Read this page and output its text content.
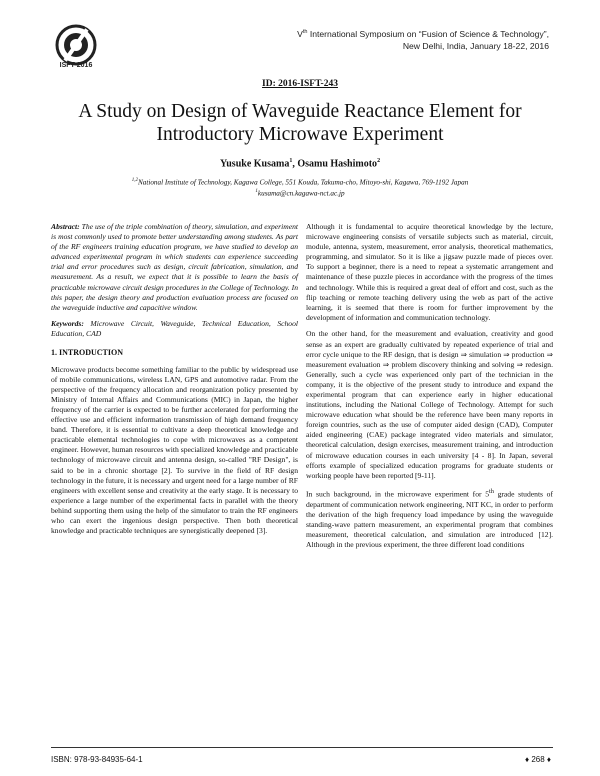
ISFT 2016
Vth International Symposium on “Fusion of Science & Technology”,
New Delhi, India, January 18-22, 2016
ID: 2016-ISFT-243
A Study on Design of Waveguide Reactance Element for Introductory Microwave Experiment
Yusuke Kusama$^1$, Osamu Hashimoto$^2$
$^{1,2}$National Institute of Technology, Kagawa College, 551 Kouda, Takuma-cho, Mitoyo-shi, Kagawa, 769-1192 Japan
$^1$kusama@cn.kagawa-nct.ac.jp

Abstract: The use of the triple combination of theory, simulation, and experiment is most commonly used to promote better understanding among students. As part of the RF engineers training education program, we have studied to develop an advanced experimental program in which students can experience succeeding trial and error procedures such as design, circuit fabrication, simulation, and measurement. As a result, we expect that it is possible to learn the basis of practicable microwave circuit design procedures in the College of Technology. In this paper, the design theory and production evaluation process are focused on the waveguide inductive and capacitive window.

Keywords: Microwave Circuit, Waveguide, Technical Education, School Education, CAD

1. INTRODUCTION

Microwave products become something familiar to the public by widespread use of mobile communications, wireless LAN, GPS and automotive radar. From the perspective of the frequency allocation and reorganization policy presented by Ministry of Internal Affairs and Communications (MIC) in Japan, the higher frequency of the carrier is expected to be further accelerated for performing the effective use and efficient information transmission of high demand frequency band. Therefore, it is essential to cultivate a deep theoretical knowledge and practicable elemental technologies to cope with microwaves as a competent engineer. However, human resources with specialized knowledge and practicable technology of microwave circuit and antenna design, so-called "RF Design", is said to be in a chronic shortage [2]. To survive in the field of RF design technology in the future, it is necessary and urgent need for a large number of RF engineers with excellent sense and creativity at the early stage. It is necessary to experience a large number of the experimental facts in parallel with the theory behind supporting them using the help of the simulator to train the RF engineers who can exert the ingenious design perspective. Then both theoretical knowledge and practicable techniques are synergistically deepened [3].

Although it is fundamental to acquire theoretical knowledge by the lecture, microwave engineering consists of versatile subjects such as material, circuit, module, antenna, system, measurement, error analysis, theoretical mathematics, programming, and simulator. So it is like a jigsaw puzzle made of pieces over. To support a beginner, there is a need to repeat a systematic arrangement and maintenance of these puzzle pieces in accordance with the progress of the times and technology. While this is required a great deal of effort and cost, such as the flip teaching or remote teaching delivery using the web as part of the active learning, it is seemed that there is room for further improvement by the development of information and communication technology.

On the other hand, for the measurement and evaluation, creativity and good sense as an expert are gradually cultivated by repeated experience of trial and error cycle unique to the RF design, that is design ⇒ simulation ⇒ production ⇒ measurement evaluation ⇒ problem discovery thinking and solving ⇒ redesign. Generally, such a cycle was experienced only part of the technician in the company, it is the objective of the present study to introduce and expand the experimental program that can experience early in higher educational institutions, including the National College of Technology. Attempt for such microwave education what should be the reference have been many reports in foreign countries, such as the use of computer aided design (CAD), Computer aided engineering (CAE) package integrated video materials and simulator, theoretical calculation, design exercises, measurement training, and introduction of microwave education courses in each university [4 - 8]. In Japan, several efforts example of specialized education programs for graduate students or working people have been reported [9-11].

In such background, in the microwave experiment for 5th grade students of department of communication network engineering, NIT KC, in order to perform the derivation of the high frequency load impedance by using the waveguide standing-wave pattern measurement, an experimental program that combines measurement, theoretical calculation, and simulation are introduced [12]. Although in the previous experiment, the three different load conditions

ISBN: 978-93-84935-64-1	♦ 268 ♦
